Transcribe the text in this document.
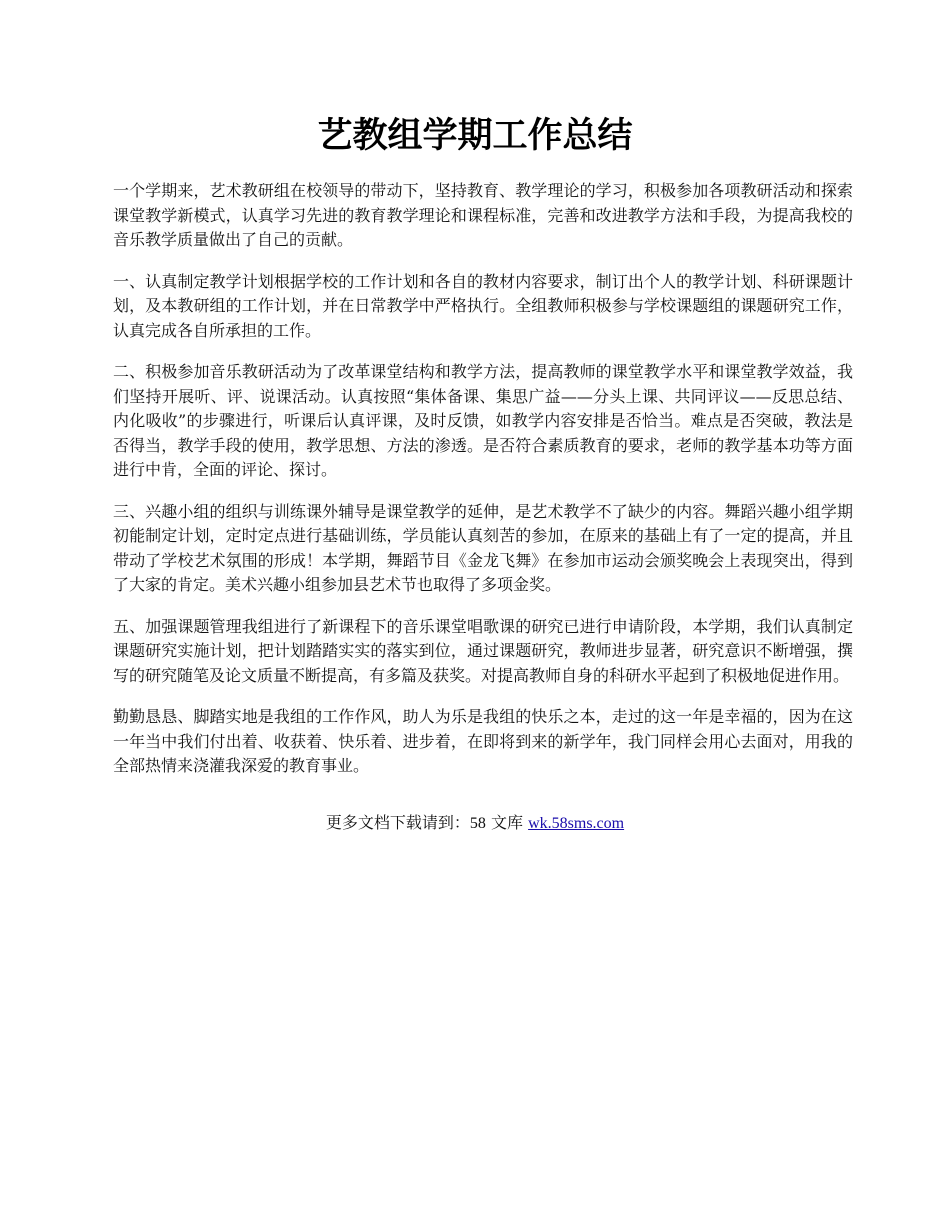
艺教组学期工作总结

一个学期来，艺术教研组在校领导的带动下，坚持教育、教学理论的学习，积极参加各项教研活动和探索课堂教学新模式，认真学习先进的教育教学理论和课程标准，完善和改进教学方法和手段，为提高我校的音乐教学质量做出了自己的贡献。

一、认真制定教学计划根据学校的工作计划和各自的教材内容要求，制订出个人的教学计划、科研课题计划，及本教研组的工作计划，并在日常教学中严格执行。全组教师积极参与学校课题组的课题研究工作，认真完成各自所承担的工作。

二、积极参加音乐教研活动为了改革课堂结构和教学方法，提高教师的课堂教学水平和课堂教学效益，我们坚持开展听、评、说课活动。认真按照“集体备课、集思广益——分头上课、共同评议——反思总结、内化吸收”的步骤进行，听课后认真评课，及时反馈，如教学内容安排是否恰当。难点是否突破，教法是否得当，教学手段的使用，教学思想、方法的渗透。是否符合素质教育的要求，老师的教学基本功等方面进行中肯，全面的评论、探讨。

三、兴趣小组的组织与训练课外辅导是课堂教学的延伸，是艺术教学不了缺少的内容。舞蹈兴趣小组学期初能制定计划，定时定点进行基础训练，学员能认真刻苦的参加，在原来的基础上有了一定的提高，并且带动了学校艺术氛围的形成！本学期，舞蹈节目《金龙飞舞》在参加市运动会颁奖晚会上表现突出，得到了大家的肯定。美术兴趣小组参加县艺术节也取得了多项金奖。

五、加强课题管理我组进行了新课程下的音乐课堂唱歌课的研究已进行申请阶段，本学期，我们认真制定课题研究实施计划，把计划踏踏实实的落实到位，通过课题研究，教师进步显著，研究意识不断增强，撰写的研究随笔及论文质量不断提高，有多篇及获奖。对提高教师自身的科研水平起到了积极地促进作用。

勤勤恳恳、脚踏实地是我组的工作作风，助人为乐是我组的快乐之本，走过的这一年是幸福的，因为在这一年当中我们付出着、收获着、快乐着、进步着，在即将到来的新学年，我门同样会用心去面对，用我的全部热情来浇灌我深爱的教育事业。

更多文档下载请到：58 文库 wk.58sms.com
